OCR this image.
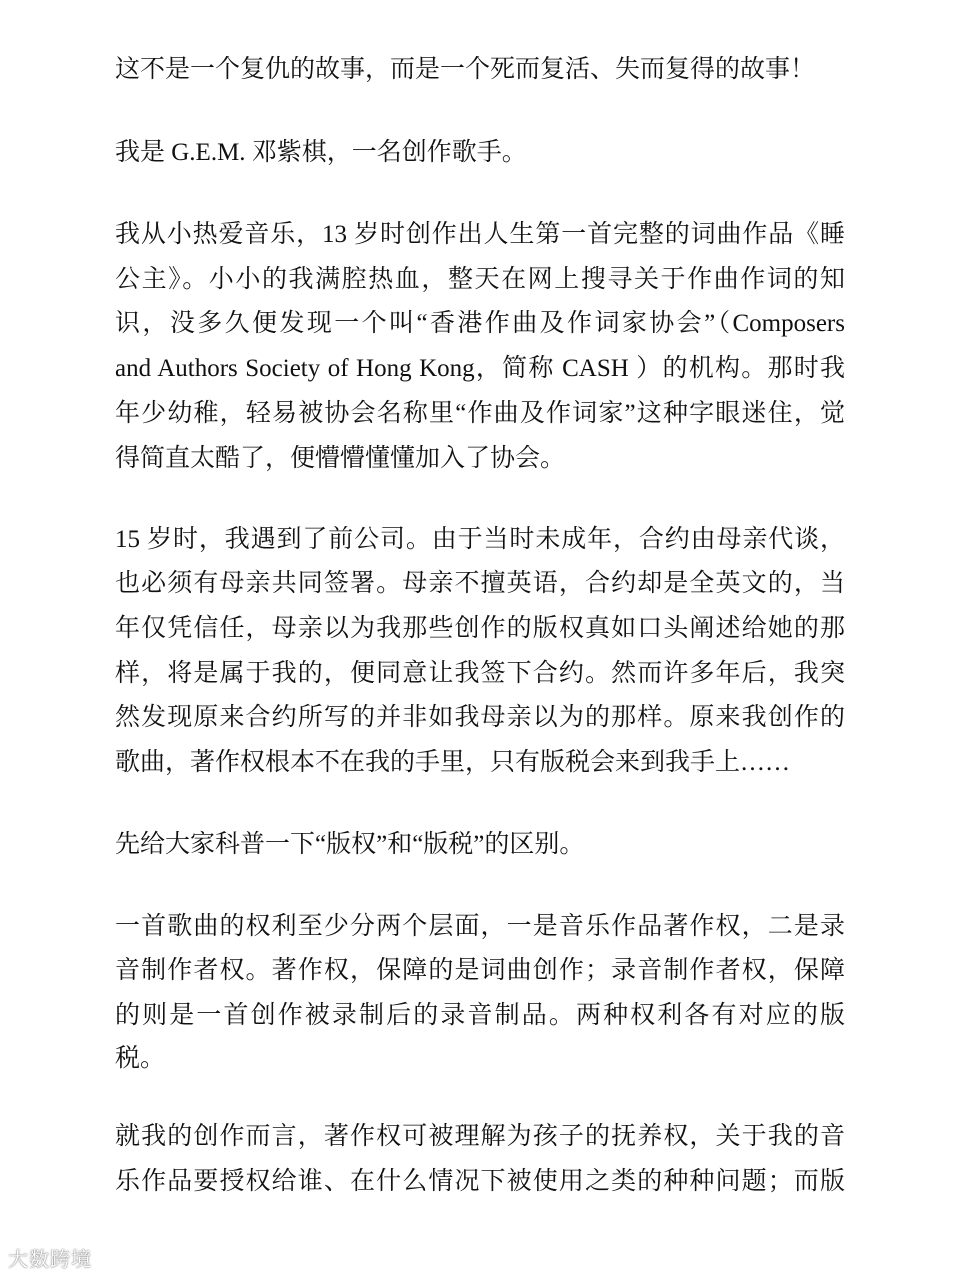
这不是一个复仇的故事，而是一个死而复活、失而复得的故事！
我是 G.E.M. 邓紫棋，一名创作歌手。
我从小热爱音乐，13 岁时创作出人生第一首完整的词曲作品《睡
公主》。小小的我满腔热血，整天在网上搜寻关于作曲作词的知
识，没多久便发现一个叫“香港作曲及作词家协会”（Composers
and Authors Society of Hong Kong，简称 CASH ）的机构。那时我
年少幼稚，轻易被协会名称里“作曲及作词家”这种字眼迷住，觉
得简直太酷了，便懵懵懂懂加入了协会。
15 岁时，我遇到了前公司。由于当时未成年，合约由母亲代谈，
也必须有母亲共同签署。母亲不擅英语，合约却是全英文的，当
年仅凭信任，母亲以为我那些创作的版权真如口头阐述给她的那
样，将是属于我的，便同意让我签下合约。然而许多年后，我突
然发现原来合约所写的并非如我母亲以为的那样。原来我创作的
歌曲，著作权根本不在我的手里，只有版税会来到我手上……
先给大家科普一下“版权”和“版税”的区别。
一首歌曲的权利至少分两个层面，一是音乐作品著作权，二是录
音制作者权。著作权，保障的是词曲创作；录音制作者权，保障
的则是一首创作被录制后的录音制品。两种权利各有对应的版
税。
就我的创作而言，著作权可被理解为孩子的抚养权，关于我的音
乐作品要授权给谁、在什么情况下被使用之类的种种问题；而版
大数跨境
